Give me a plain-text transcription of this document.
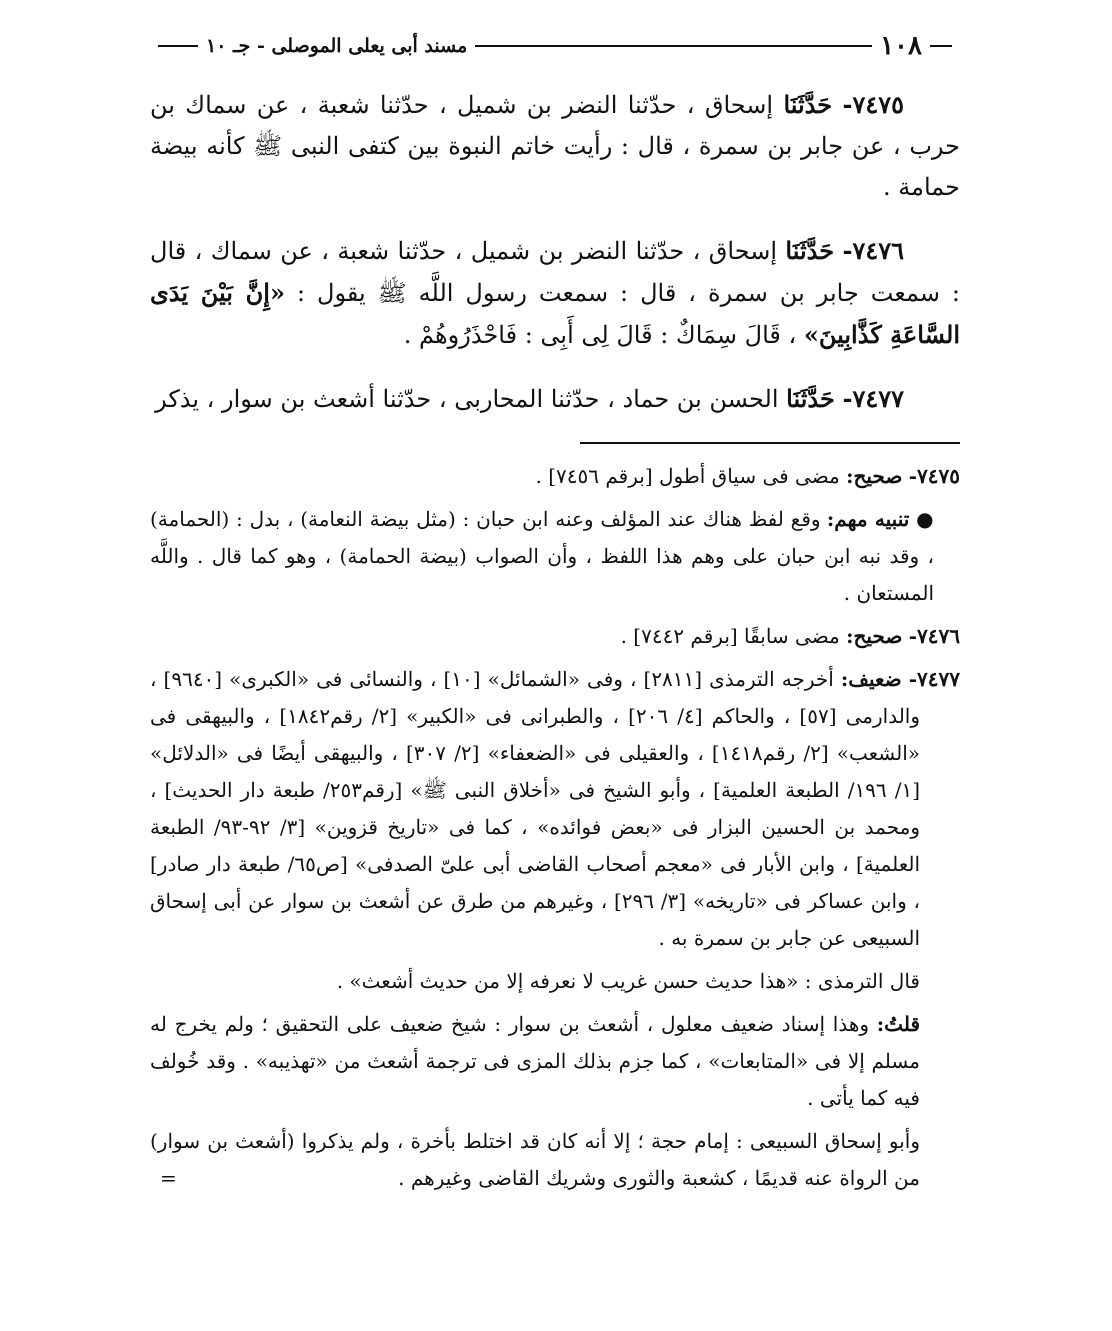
١٠٨
مسند أبى يعلى الموصلى - جـ ١٠

٧٤٧٥- حَدَّثَنَا إسحاق ، حدّثنا النضر بن شميل ، حدّثنا شعبة ، عن سماك بن حرب ، عن جابر بن سمرة ، قال : رأيت خاتم النبوة بين كتفى النبى ﷺ كأنه بيضة حمامة .

٧٤٧٦- حَدَّثَنَا إسحاق ، حدّثنا النضر بن شميل ، حدّثنا شعبة ، عن سماك ، قال : سمعت جابر بن سمرة ، قال : سمعت رسول اللَّه ﷺ يقول : «إِنَّ بَيْنَ يَدَى السَّاعَةِ كَذَّابِينَ» ، قَالَ سِمَاكٌ : قَالَ لِى أَبِى : فَاحْذَرُوهُمْ .

٧٤٧٧- حَدَّثَنَا الحسن بن حماد ، حدّثنا المحاربى ، حدّثنا أشعث بن سوار ، يذكر

٧٤٧٥- صحيح: مضى فى سياق أطول [برقم ٧٤٥٦] .

● تنبيه مهم: وقع لفظ هناك عند المؤلف وعنه ابن حبان : (مثل بيضة النعامة) ، بدل : (الحمامة) ، وقد نبه ابن حبان على وهم هذا اللفظ ، وأن الصواب (بيضة الحمامة) ، وهو كما قال . واللَّه المستعان .

٧٤٧٦- صحيح: مضى سابقًا [برقم ٧٤٤٢] .

٧٤٧٧- ضعيف: أخرجه الترمذى [٢٨١١] ، وفى «الشمائل» [١٠] ، والنسائى فى «الكبرى» [٩٦٤٠] ، والدارمى [٥٧] ، والحاكم [٤/ ٢٠٦] ، والطبرانى فى «الكبير» [٢/ رقم١٨٤٢] ، والبيهقى فى «الشعب» [٢/ رقم١٤١٨] ، والعقيلى فى «الضعفاء» [٢/ ٣٠٧] ، والبيهقى أيضًا فى «الدلائل» [١/ ١٩٦/ الطبعة العلمية] ، وأبو الشيخ فى «أخلاق النبى ﷺ» [رقم٢٥٣/ طبعة دار الحديث] ، ومحمد بن الحسين البزار فى «بعض فوائده» ، كما فى «تاريخ قزوين» [٣/ ٩٢-٩٣/ الطبعة العلمية] ، وابن الأبار فى «معجم أصحاب القاضى أبى علىّ الصدفى» [ص٦٥/ طبعة دار صادر] ، وابن عساكر فى «تاريخه» [٣/ ٢٩٦] ، وغيرهم من طرق عن أشعث بن سوار عن أبى إسحاق السبيعى عن جابر بن سمرة به .

قال الترمذى : «هذا حديث حسن غريب لا نعرفه إلا من حديث أشعث» .

قلتُ: وهذا إسناد ضعيف معلول ، أشعث بن سوار : شيخ ضعيف على التحقيق ؛ ولم يخرج له مسلم إلا فى «المتابعات» ، كما جزم بذلك المزى فى ترجمة أشعث من «تهذيبه» . وقد خُولف فيه كما يأتى .

وأبو إسحاق السبيعى : إمام حجة ؛ إلا أنه كان قد اختلط بأخرة ، ولم يذكروا (أشعث بن سوار) من الرواة عنه قديمًا ، كشعبة والثورى وشريك القاضى وغيرهم .
=
